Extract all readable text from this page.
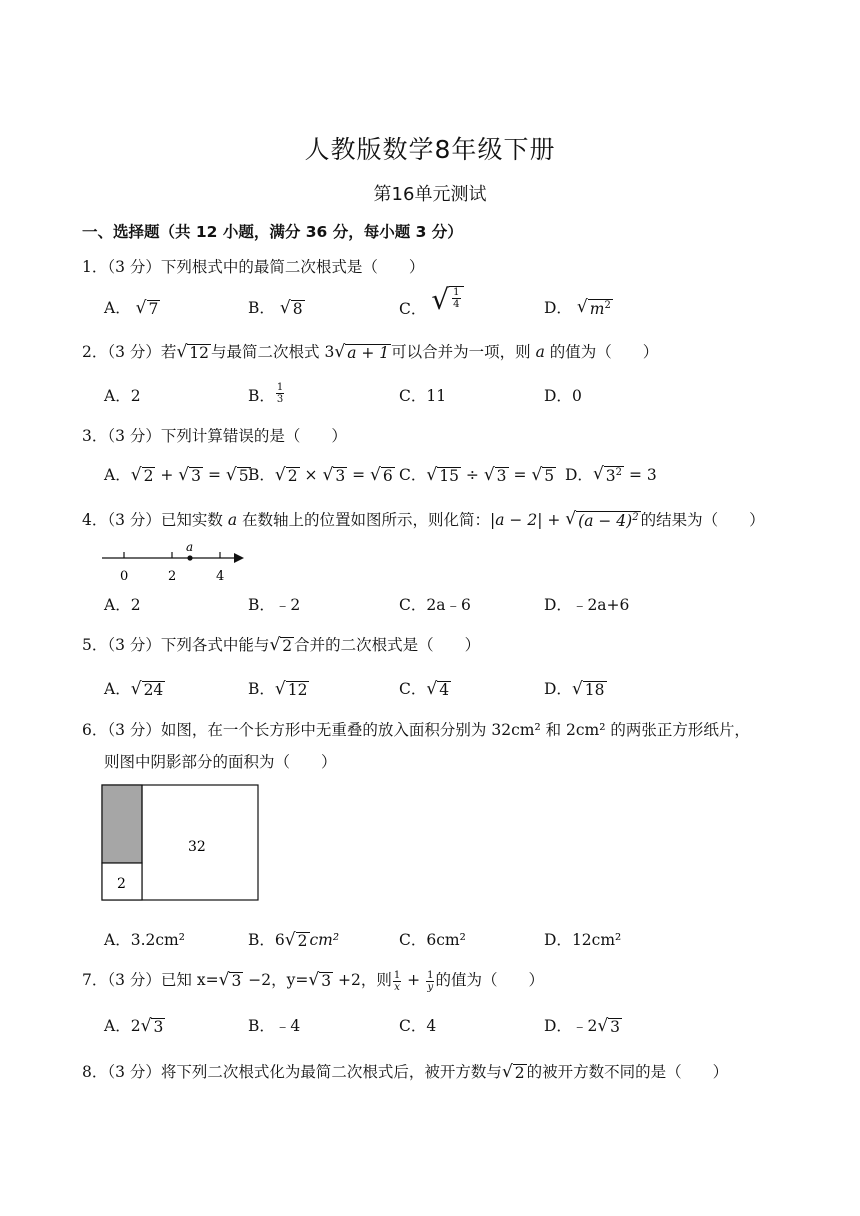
人教版数学8年级下册
第16单元测试
一、选择题（共 12 小题，满分 36 分，每小题 3 分）
1．（3 分）下列根式中的最简二次根式是（　　）
A． √ 7	B． √ 8	C． √ $\frac{1}{4}$	D． √ $m^2$
2．（3 分）若 √ 12 与最简二次根式 3 √ a + 1 可以合并为一项，则 a 的值为（　　）
A．2	B． $\frac{1}{3}$	C．11	D．0
3．（3 分）下列计算错误的是（　　）
A． √ 2 + √ 3 = √ 5 B． √ 2 × √ 3 = √ 6 C． √ 15 ÷ √ 3 = √ 5 D． √ $3^2 = 3$
4．（3 分）已知实数 a 在数轴上的位置如图所示，则化简：|a − 2| + √ $(a - 4)^2$ 的结果为（　　）
a
0	2	4
A．2	B．﹣2	C．2a﹣6	D．﹣2a+6
5．（3 分）下列各式中能与 √ 2 合并的二次根式是（　　）
A． √ 24	B． √ 12	C． √ 4	D． √ 18
6．（3 分）如图，在一个长方形中无重叠的放入面积分别为 32cm² 和 2cm² 的两张正方形纸片，
则图中阴影部分的面积为（　　）
32
2
A．3.2cm²	B．6 √ 2 cm²	C．6cm²	D．12cm²
7．（3 分）已知 x= √ 3 −2，y= √ 3 +2，则 $\frac{1}{x} + \frac{1}{y}$ 的值为（　　）
A．2 √ 3	B．﹣4	C．4	D．﹣2 √ 3
8．（3 分）将下列二次根式化为最简二次根式后，被开方数与 √ 2 的被开方数不同的是（　　）
